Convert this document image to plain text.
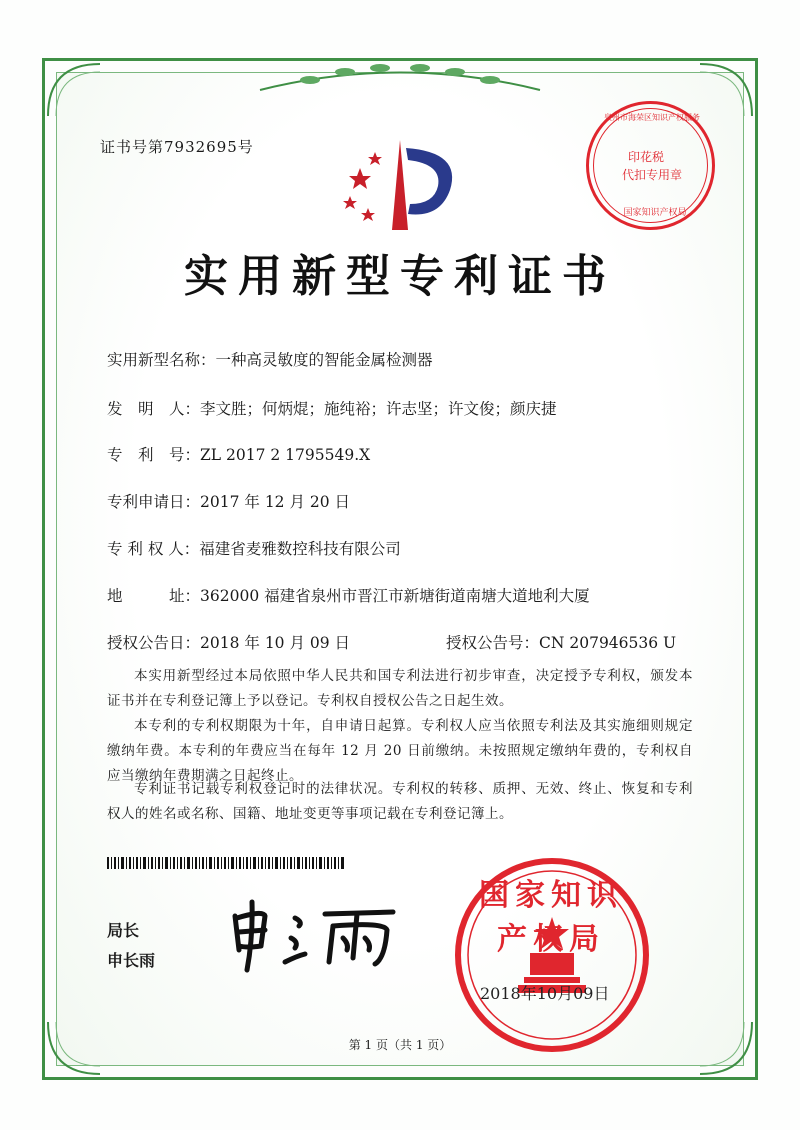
证书号第7932695号
印花税
代扣专用章
泉州市海荣区知识产权服务
国家知识产权局
实用新型专利证书
实用新型名称：一种高灵敏度的智能金属检测器
发　明　人：李文胜；何炳焜；施纯裕；许志坚；许文俊；颜庆捷
专　利　号：ZL 2017 2 1795549.X
专利申请日：2017 年 12 月 20 日
专 利 权 人：福建省麦雅数控科技有限公司
地　　　址：362000 福建省泉州市晋江市新塘街道南塘大道地利大厦
授权公告日：2018 年 10 月 09 日	授权公告号：CN 207946536 U
本实用新型经过本局依照中华人民共和国专利法进行初步审查，决定授予专利权，颁发本证书并在专利登记簿上予以登记。专利权自授权公告之日起生效。
本专利的专利权期限为十年，自申请日起算。专利权人应当依照专利法及其实施细则规定缴纳年费。本专利的年费应当在每年 12 月 20 日前缴纳。未按照规定缴纳年费的，专利权自应当缴纳年费期满之日起终止。
专利证书记载专利权登记时的法律状况。专利权的转移、质押、无效、终止、恢复和专利权人的姓名或名称、国籍、地址变更等事项记载在专利登记簿上。
局长
申长雨
国家知识产权局
2018年10月09日
第 1 页（共 1 页）
